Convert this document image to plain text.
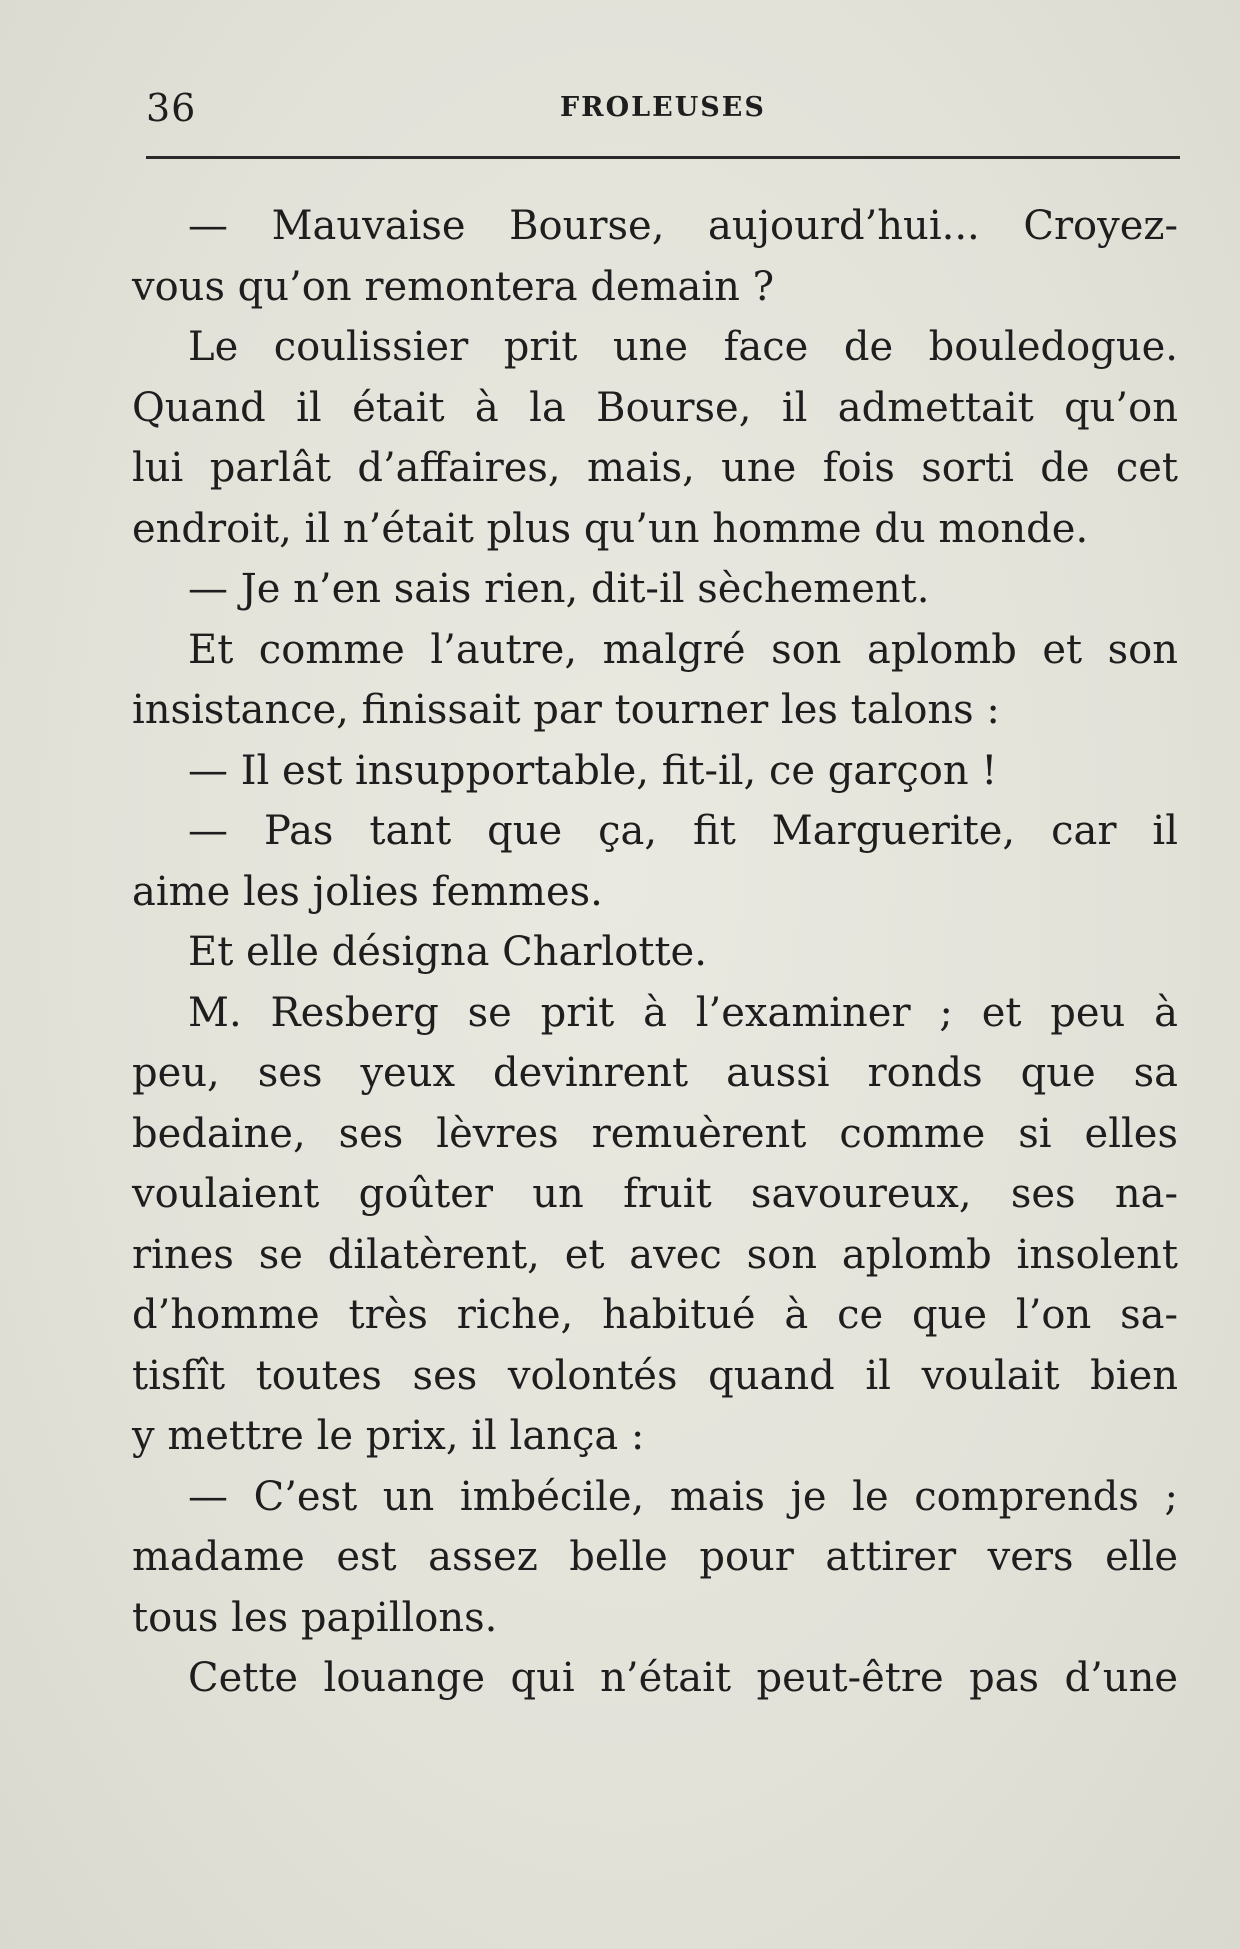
36	FROLEUSES
— Mauvaise Bourse, aujourd’hui... Croyez-
vous qu’on remontera demain ?
Le coulissier prit une face de bouledogue.
Quand il était à la Bourse, il admettait qu’on
lui parlât d’affaires, mais, une fois sorti de cet
endroit, il n’était plus qu’un homme du monde.
— Je n’en sais rien, dit-il sèchement.
Et comme l’autre, malgré son aplomb et son
insistance, finissait par tourner les talons :
— Il est insupportable, fit-il, ce garçon !
— Pas tant que ça, fit Marguerite, car il
aime les jolies femmes.
Et elle désigna Charlotte.
M. Resberg se prit à l’examiner ; et peu à
peu, ses yeux devinrent aussi ronds que sa
bedaine, ses lèvres remuèrent comme si elles
voulaient goûter un fruit savoureux, ses na-
rines se dilatèrent, et avec son aplomb insolent
d’homme très riche, habitué à ce que l’on sa-
tisfît toutes ses volontés quand il voulait bien
y mettre le prix, il lança :
— C’est un imbécile, mais je le comprends ;
madame est assez belle pour attirer vers elle
tous les papillons.
Cette louange qui n’était peut-être pas d’une
